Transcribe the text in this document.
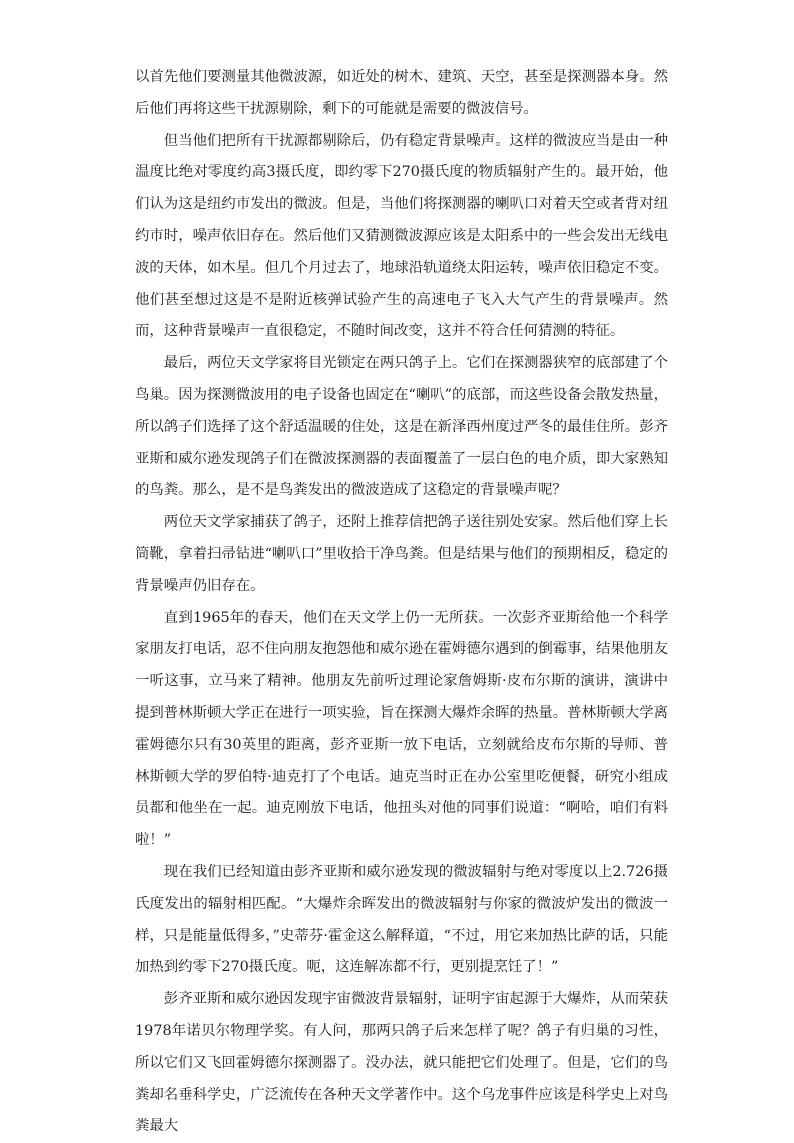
以首先他们要测量其他微波源，如近处的树木、建筑、天空，甚至是探测器本身。然后他们再将这些干扰源剔除，剩下的可能就是需要的微波信号。

但当他们把所有干扰源都剔除后，仍有稳定背景噪声。这样的微波应当是由一种温度比绝对零度约高3摄氏度，即约零下270摄氏度的物质辐射产生的。最开始，他们认为这是纽约市发出的微波。但是，当他们将探测器的喇叭口对着天空或者背对纽约市时，噪声依旧存在。然后他们又猜测微波源应该是太阳系中的一些会发出无线电波的天体，如木星。但几个月过去了，地球沿轨道绕太阳运转，噪声依旧稳定不变。他们甚至想过这是不是附近核弹试验产生的高速电子飞入大气产生的背景噪声。然而，这种背景噪声一直很稳定，不随时间改变，这并不符合任何猜测的特征。

最后，两位天文学家将目光锁定在两只鸽子上。它们在探测器狭窄的底部建了个鸟巢。因为探测微波用的电子设备也固定在“喇叭”的底部，而这些设备会散发热量，所以鸽子们选择了这个舒适温暖的住处，这是在新泽西州度过严冬的最佳住所。彭齐亚斯和威尔逊发现鸽子们在微波探测器的表面覆盖了一层白色的电介质，即大家熟知的鸟粪。那么，是不是鸟粪发出的微波造成了这稳定的背景噪声呢？

两位天文学家捕获了鸽子，还附上推荐信把鸽子送往别处安家。然后他们穿上长筒靴，拿着扫帚钻进“喇叭口”里收拾干净鸟粪。但是结果与他们的预期相反，稳定的背景噪声仍旧存在。

直到1965年的春天，他们在天文学上仍一无所获。一次彭齐亚斯给他一个科学家朋友打电话，忍不住向朋友抱怨他和威尔逊在霍姆德尔遇到的倒霉事，结果他朋友一听这事，立马来了精神。他朋友先前听过理论家詹姆斯·皮布尔斯的演讲，演讲中提到普林斯顿大学正在进行一项实验，旨在探测大爆炸余晖的热量。普林斯顿大学离霍姆德尔只有30英里的距离，彭齐亚斯一放下电话，立刻就给皮布尔斯的导师、普林斯顿大学的罗伯特·迪克打了个电话。迪克当时正在办公室里吃便餐，研究小组成员都和他坐在一起。迪克刚放下电话，他扭头对他的同事们说道：“啊哈，咱们有料啦！”

现在我们已经知道由彭齐亚斯和威尔逊发现的微波辐射与绝对零度以上2.726摄氏度发出的辐射相匹配。“大爆炸余晖发出的微波辐射与你家的微波炉发出的微波一样，只是能量低得多，”史蒂芬·霍金这么解释道，“不过，用它来加热比萨的话，只能加热到约零下270摄氏度。呃，这连解冻都不行，更别提烹饪了！”

彭齐亚斯和威尔逊因发现宇宙微波背景辐射，证明宇宙起源于大爆炸，从而荣获1978年诺贝尔物理学奖。有人问，那两只鸽子后来怎样了呢？鸽子有归巢的习性，所以它们又飞回霍姆德尔探测器了。没办法，就只能把它们处理了。但是，它们的鸟粪却名垂科学史，广泛流传在各种天文学著作中。这个乌龙事件应该是科学史上对鸟粪最大
